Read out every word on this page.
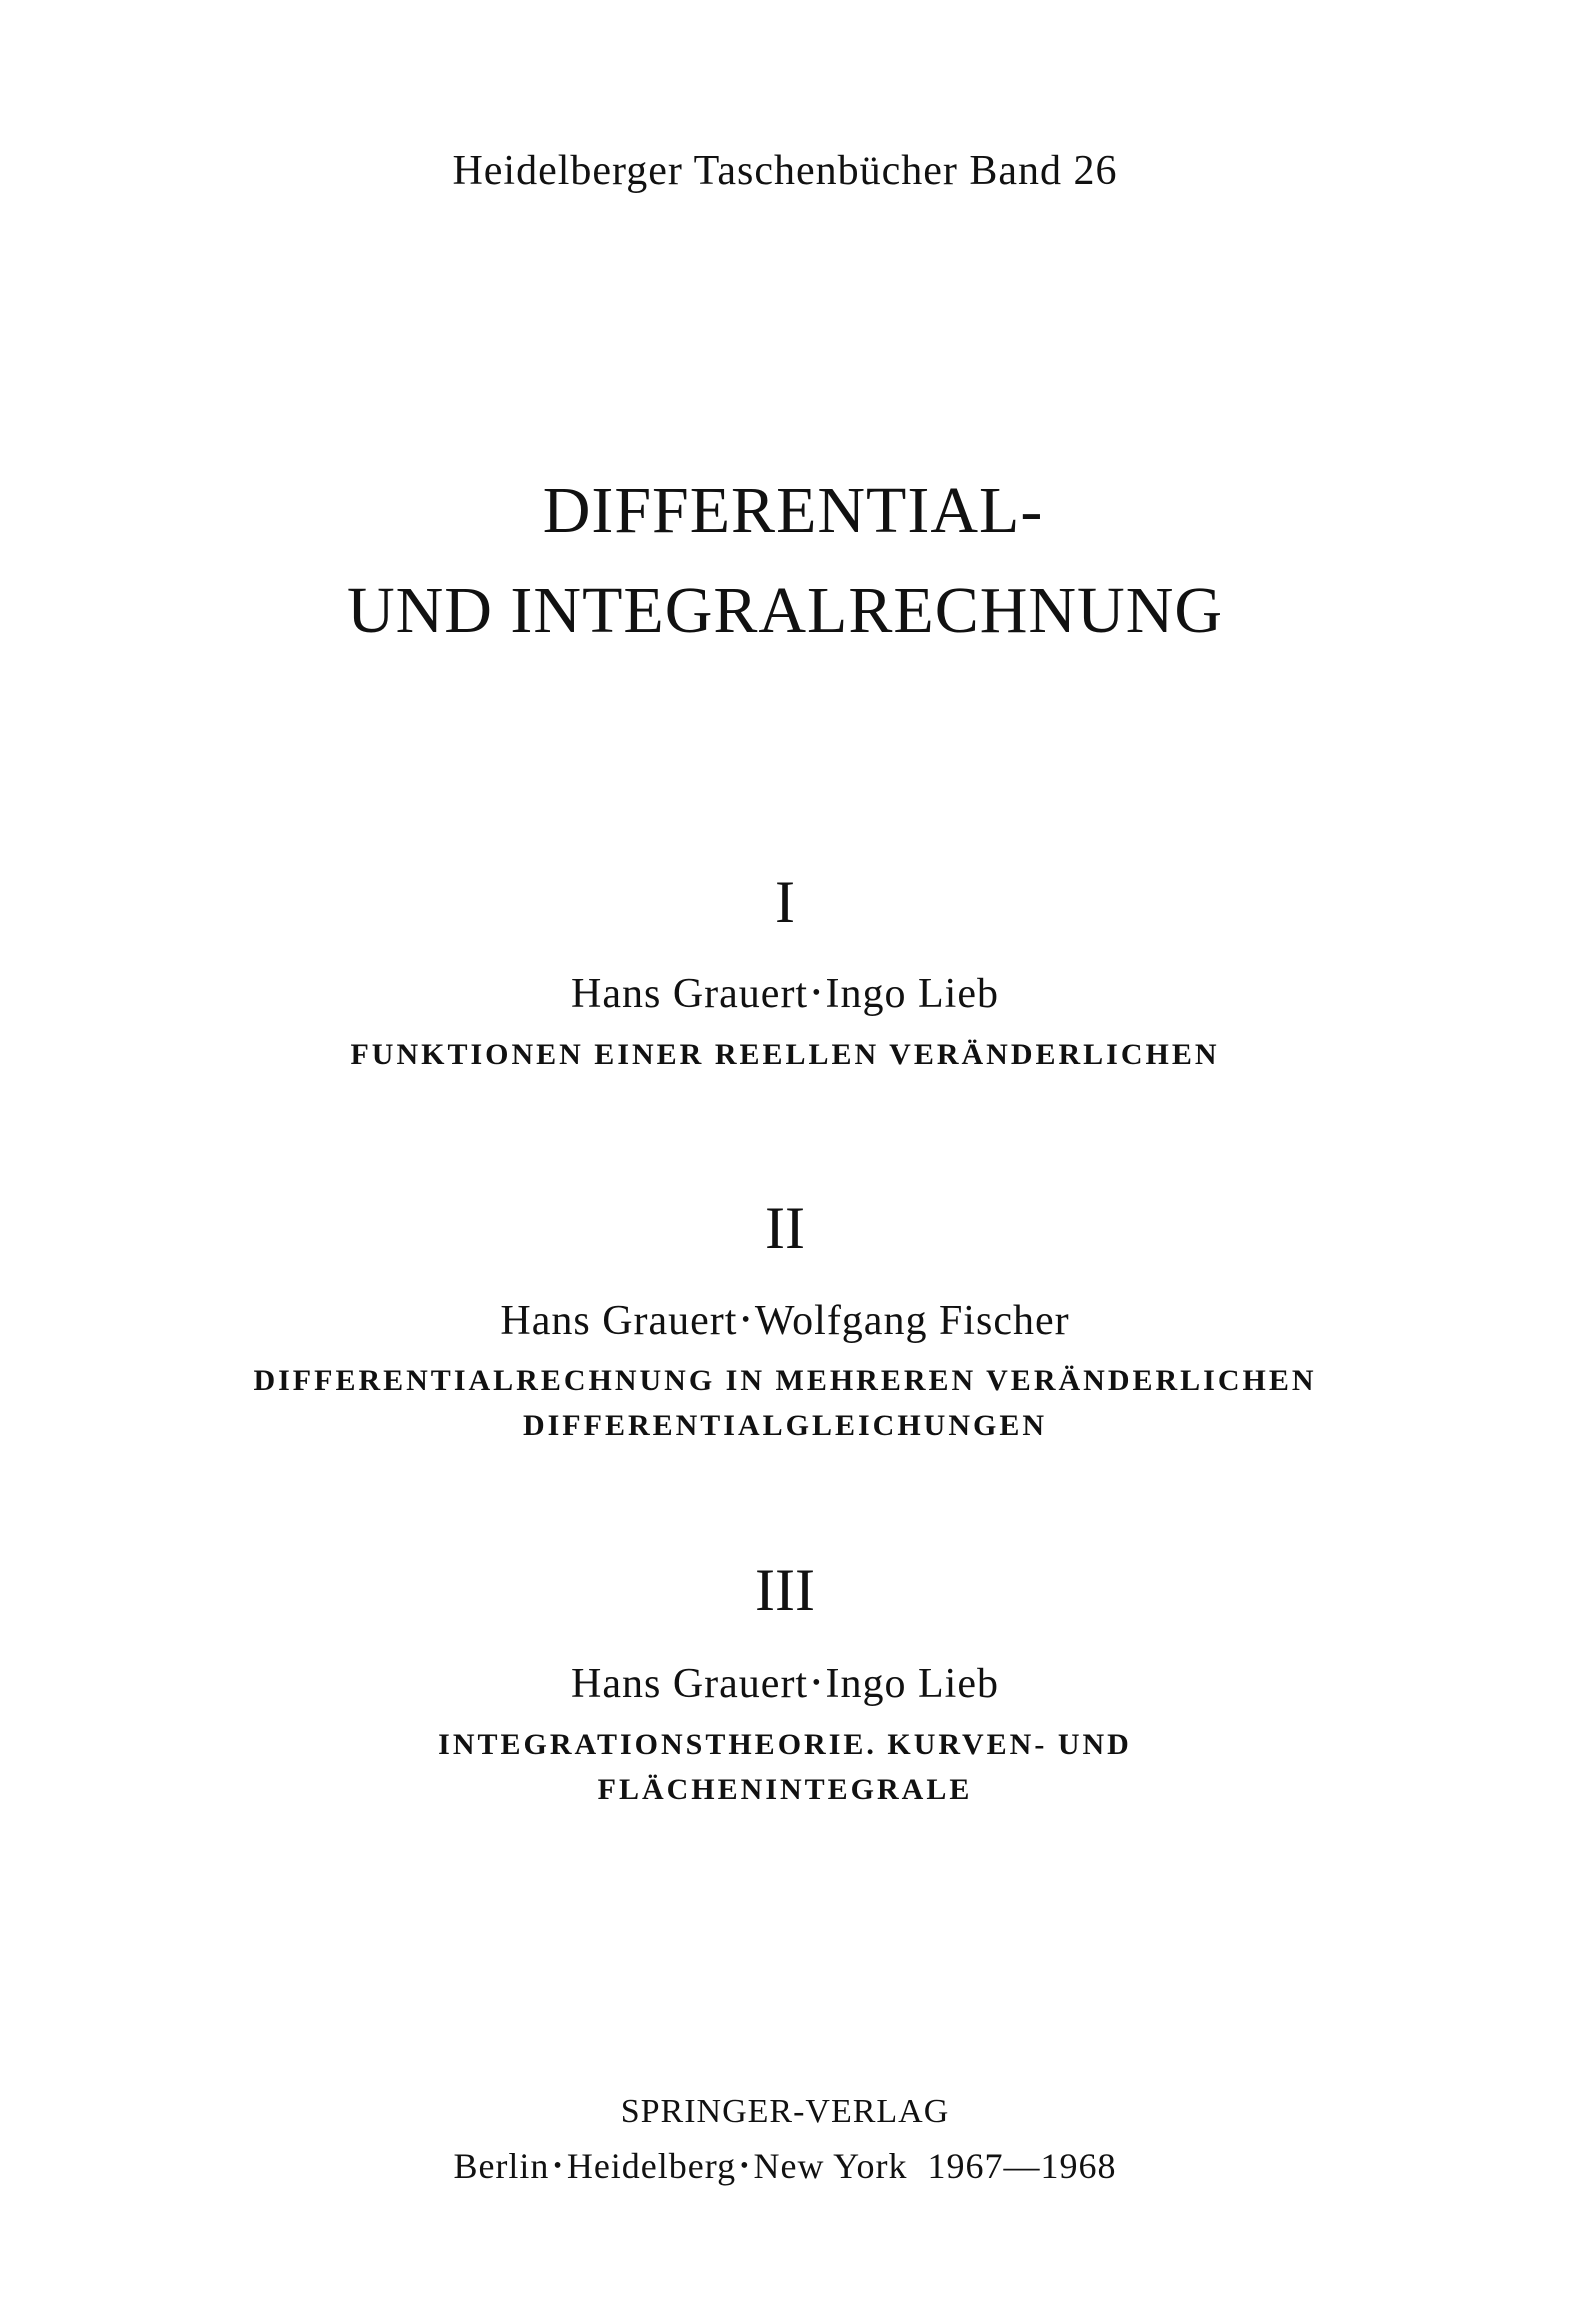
Heidelberger Taschenbücher Band 26
DIFFERENTIAL-
UND INTEGRALRECHNUNG
I
Hans Grauert •Ingo Lieb
FUNKTIONEN EINER REELLEN VERÄNDERLICHEN
II
Hans Grauert •Wolfgang Fischer
DIFFERENTIALRECHNUNG IN MEHREREN VERÄNDERLICHEN
DIFFERENTIALGLEICHUNGEN
III
Hans Grauert •Ingo Lieb
INTEGRATIONSTHEORIE. KURVEN- UND
FLÄCHENINTEGRALE
SPRINGER-VERLAG
Berlin • Heidelberg • New York 1967—1968
